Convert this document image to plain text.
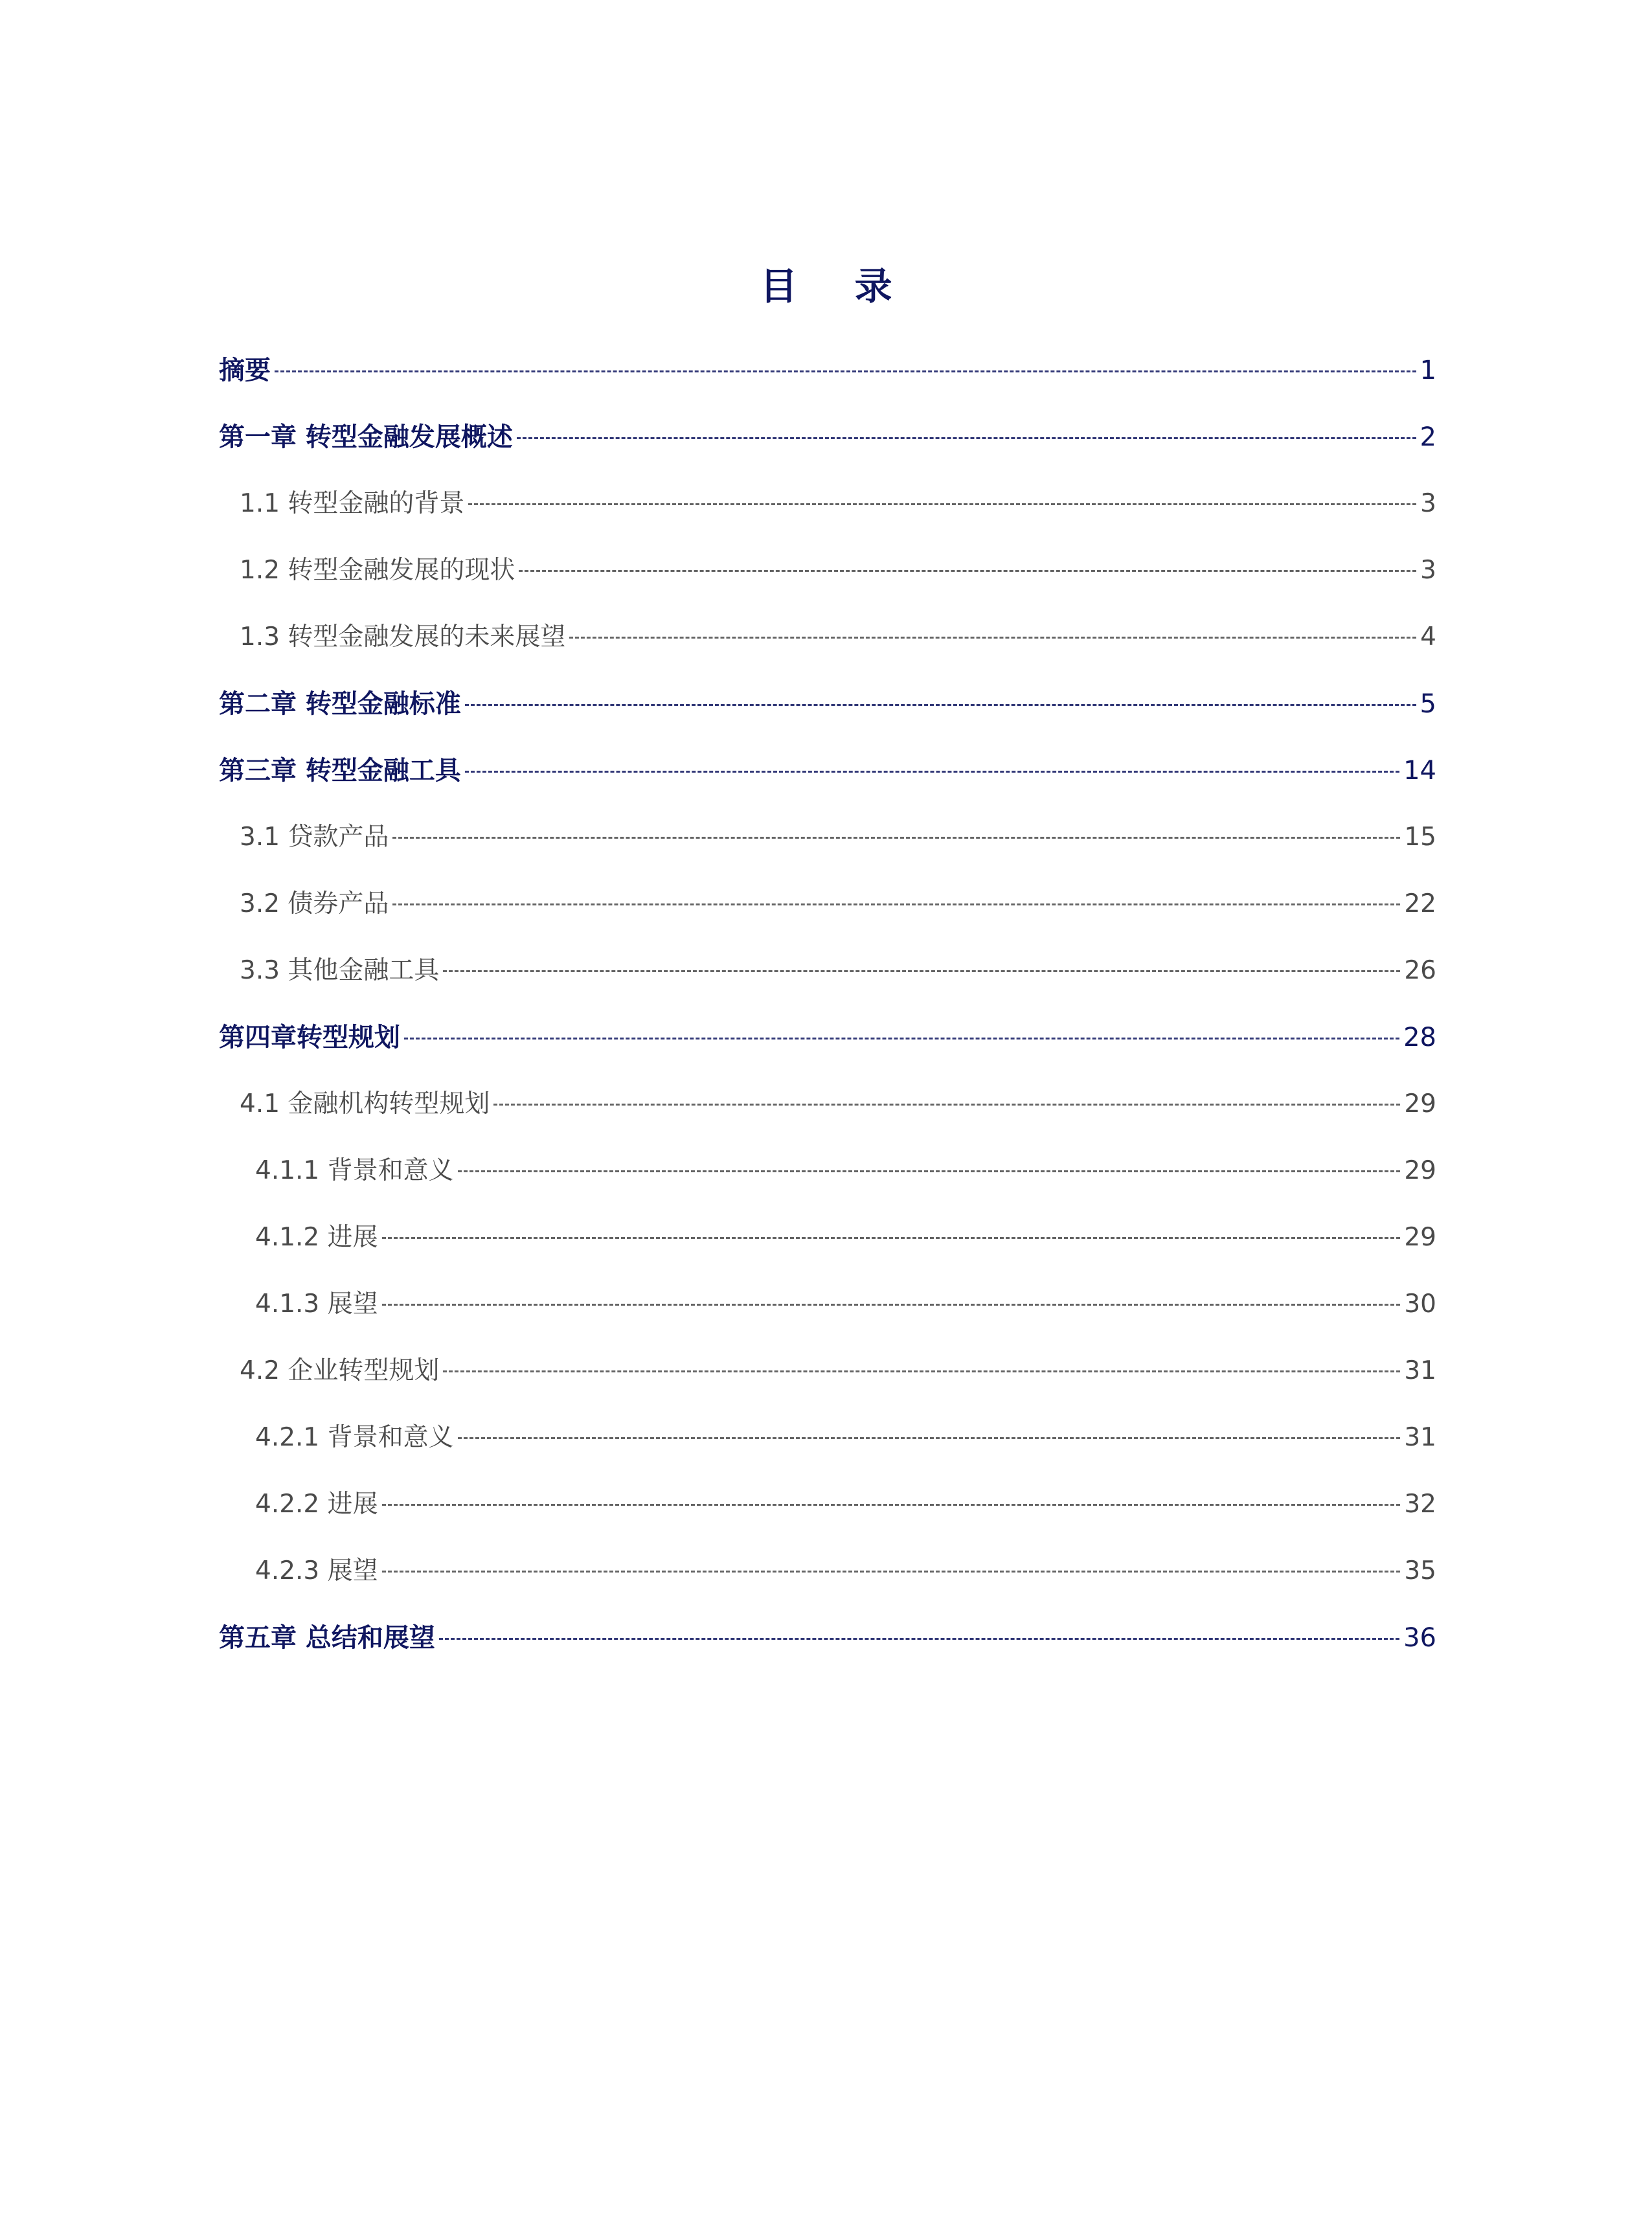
目 录
摘要	1
第一章 转型金融发展概述	2
1.1 转型金融的背景	3
1.2 转型金融发展的现状	3
1.3 转型金融发展的未来展望	4
第二章 转型金融标准	5
第三章 转型金融工具	14
3.1 贷款产品	15
3.2 债券产品	22
3.3 其他金融工具	26
第四章转型规划	28
4.1 金融机构转型规划	29
4.1.1 背景和意义	29
4.1.2 进展	29
4.1.3 展望	30
4.2 企业转型规划	31
4.2.1 背景和意义	31
4.2.2 进展	32
4.2.3 展望	35
第五章 总结和展望	36
